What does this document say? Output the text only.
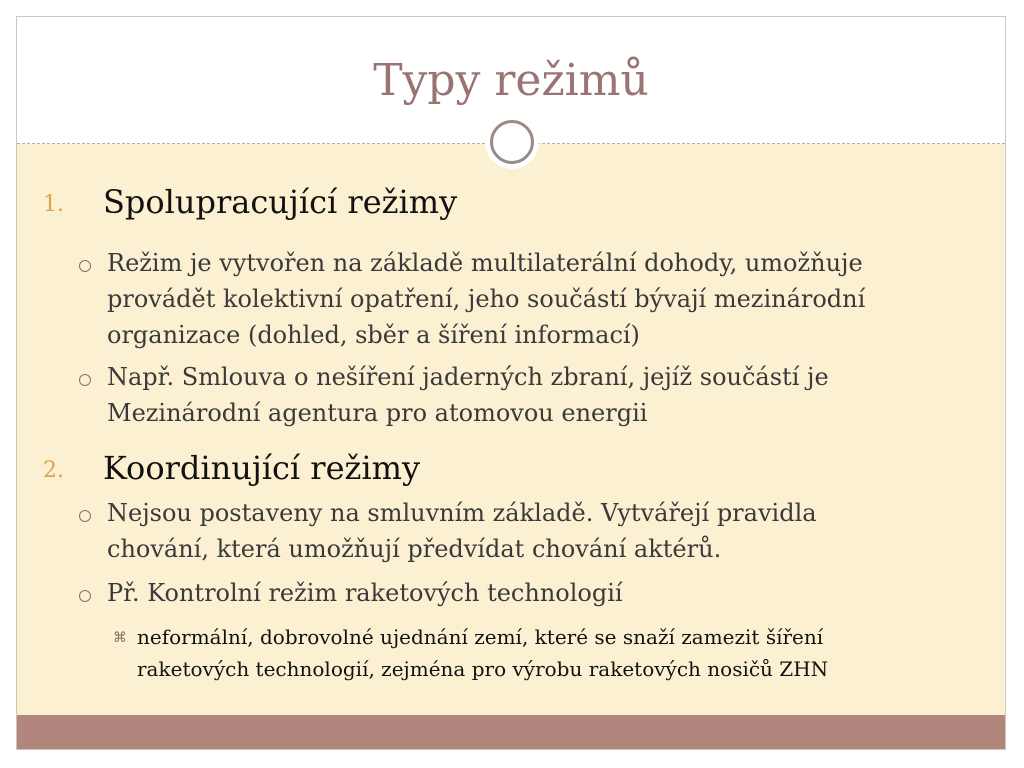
Typy režimů
1. Spolupracující režimy
Režim je vytvořen na základě multilaterální dohody, umožňuje
provádět kolektivní opatření, jeho součástí bývají mezinárodní
organizace (dohled, sběr a šíření informací)
Např. Smlouva o nešíření jaderných zbraní, jejíž součástí je
Mezinárodní agentura pro atomovou energii
2. Koordinující režimy
Nejsou postaveny na smluvním základě. Vytvářejí pravidla
chování, která umožňují předvídat chování aktérů.
Př. Kontrolní režim raketových technologií
⌘ neformální, dobrovolné ujednání zemí, které se snaží zamezit šíření
raketových technologií, zejména pro výrobu raketových nosičů ZHN
